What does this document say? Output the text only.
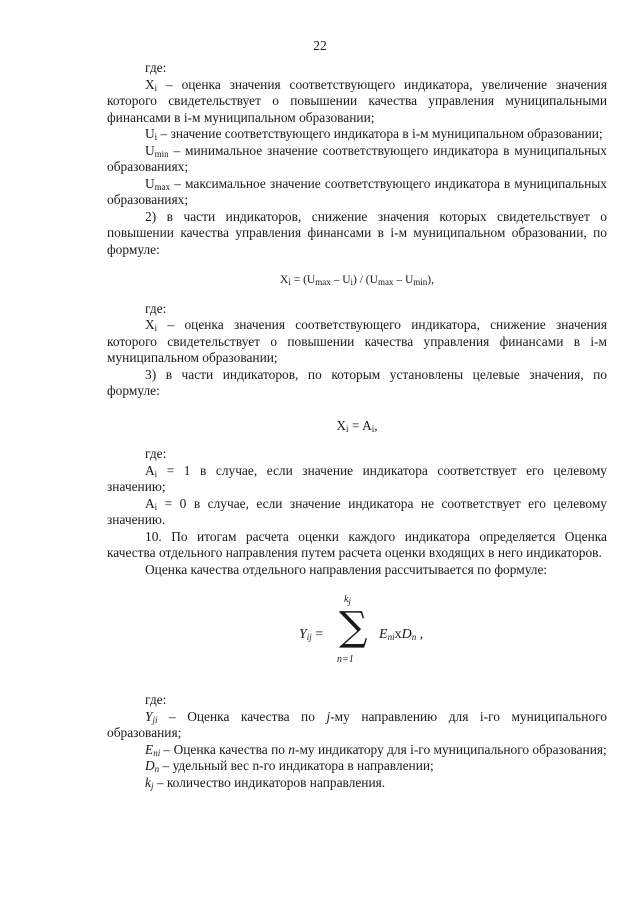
22

где:

$X_i$ – оценка значения соответствующего индикатора, увеличение значения которого свидетельствует о повышении качества управления муниципальными финансами в i-м муниципальном образовании;

$U_i$ – значение соответствующего индикатора в i-м муниципальном образовании;

$U_{min}$ – минимальное значение соответствующего индикатора в муниципальных образованиях;

$U_{max}$ – максимальное значение соответствующего индикатора в муниципальных образованиях;

2) в части индикаторов, снижение значения которых свидетельствует о повышении качества управления финансами в i-м муниципальном образовании, по формуле:

$X_i = (U_{max} - U_i) / (U_{max} - U_{min})$,

где:

$X_i$ – оценка значения соответствующего индикатора, снижение значения которого свидетельствует о повышении качества управления финансами в i-м муниципальном образовании;

3) в части индикаторов, по которым установлены целевые значения, по формуле:

$X_i = A_i$,

где:

$A_i = 1$ в случае, если значение индикатора соответствует его целевому значению;

$A_i = 0$ в случае, если значение индикатора не соответствует его целевому значению.

10. По итогам расчета оценки каждого индикатора определяется Оценка качества отдельного направления путем расчета оценки входящих в него индикаторов.

Оценка качества отдельного направления рассчитывается по формуле:

$Y_{ij}$ =
$k_j$
∑
n=1
$E_{ni}xD_n$ ,

где:

$Y_{ji}$ – Оценка качества по j-му направлению для i-го муниципального образования;

$E_{ni}$ – Оценка качества по n-му индикатору для i-го муниципального образования;

$D_n$ – удельный вес n-го индикатора в направлении;

$k_j$ – количество индикаторов направления.
